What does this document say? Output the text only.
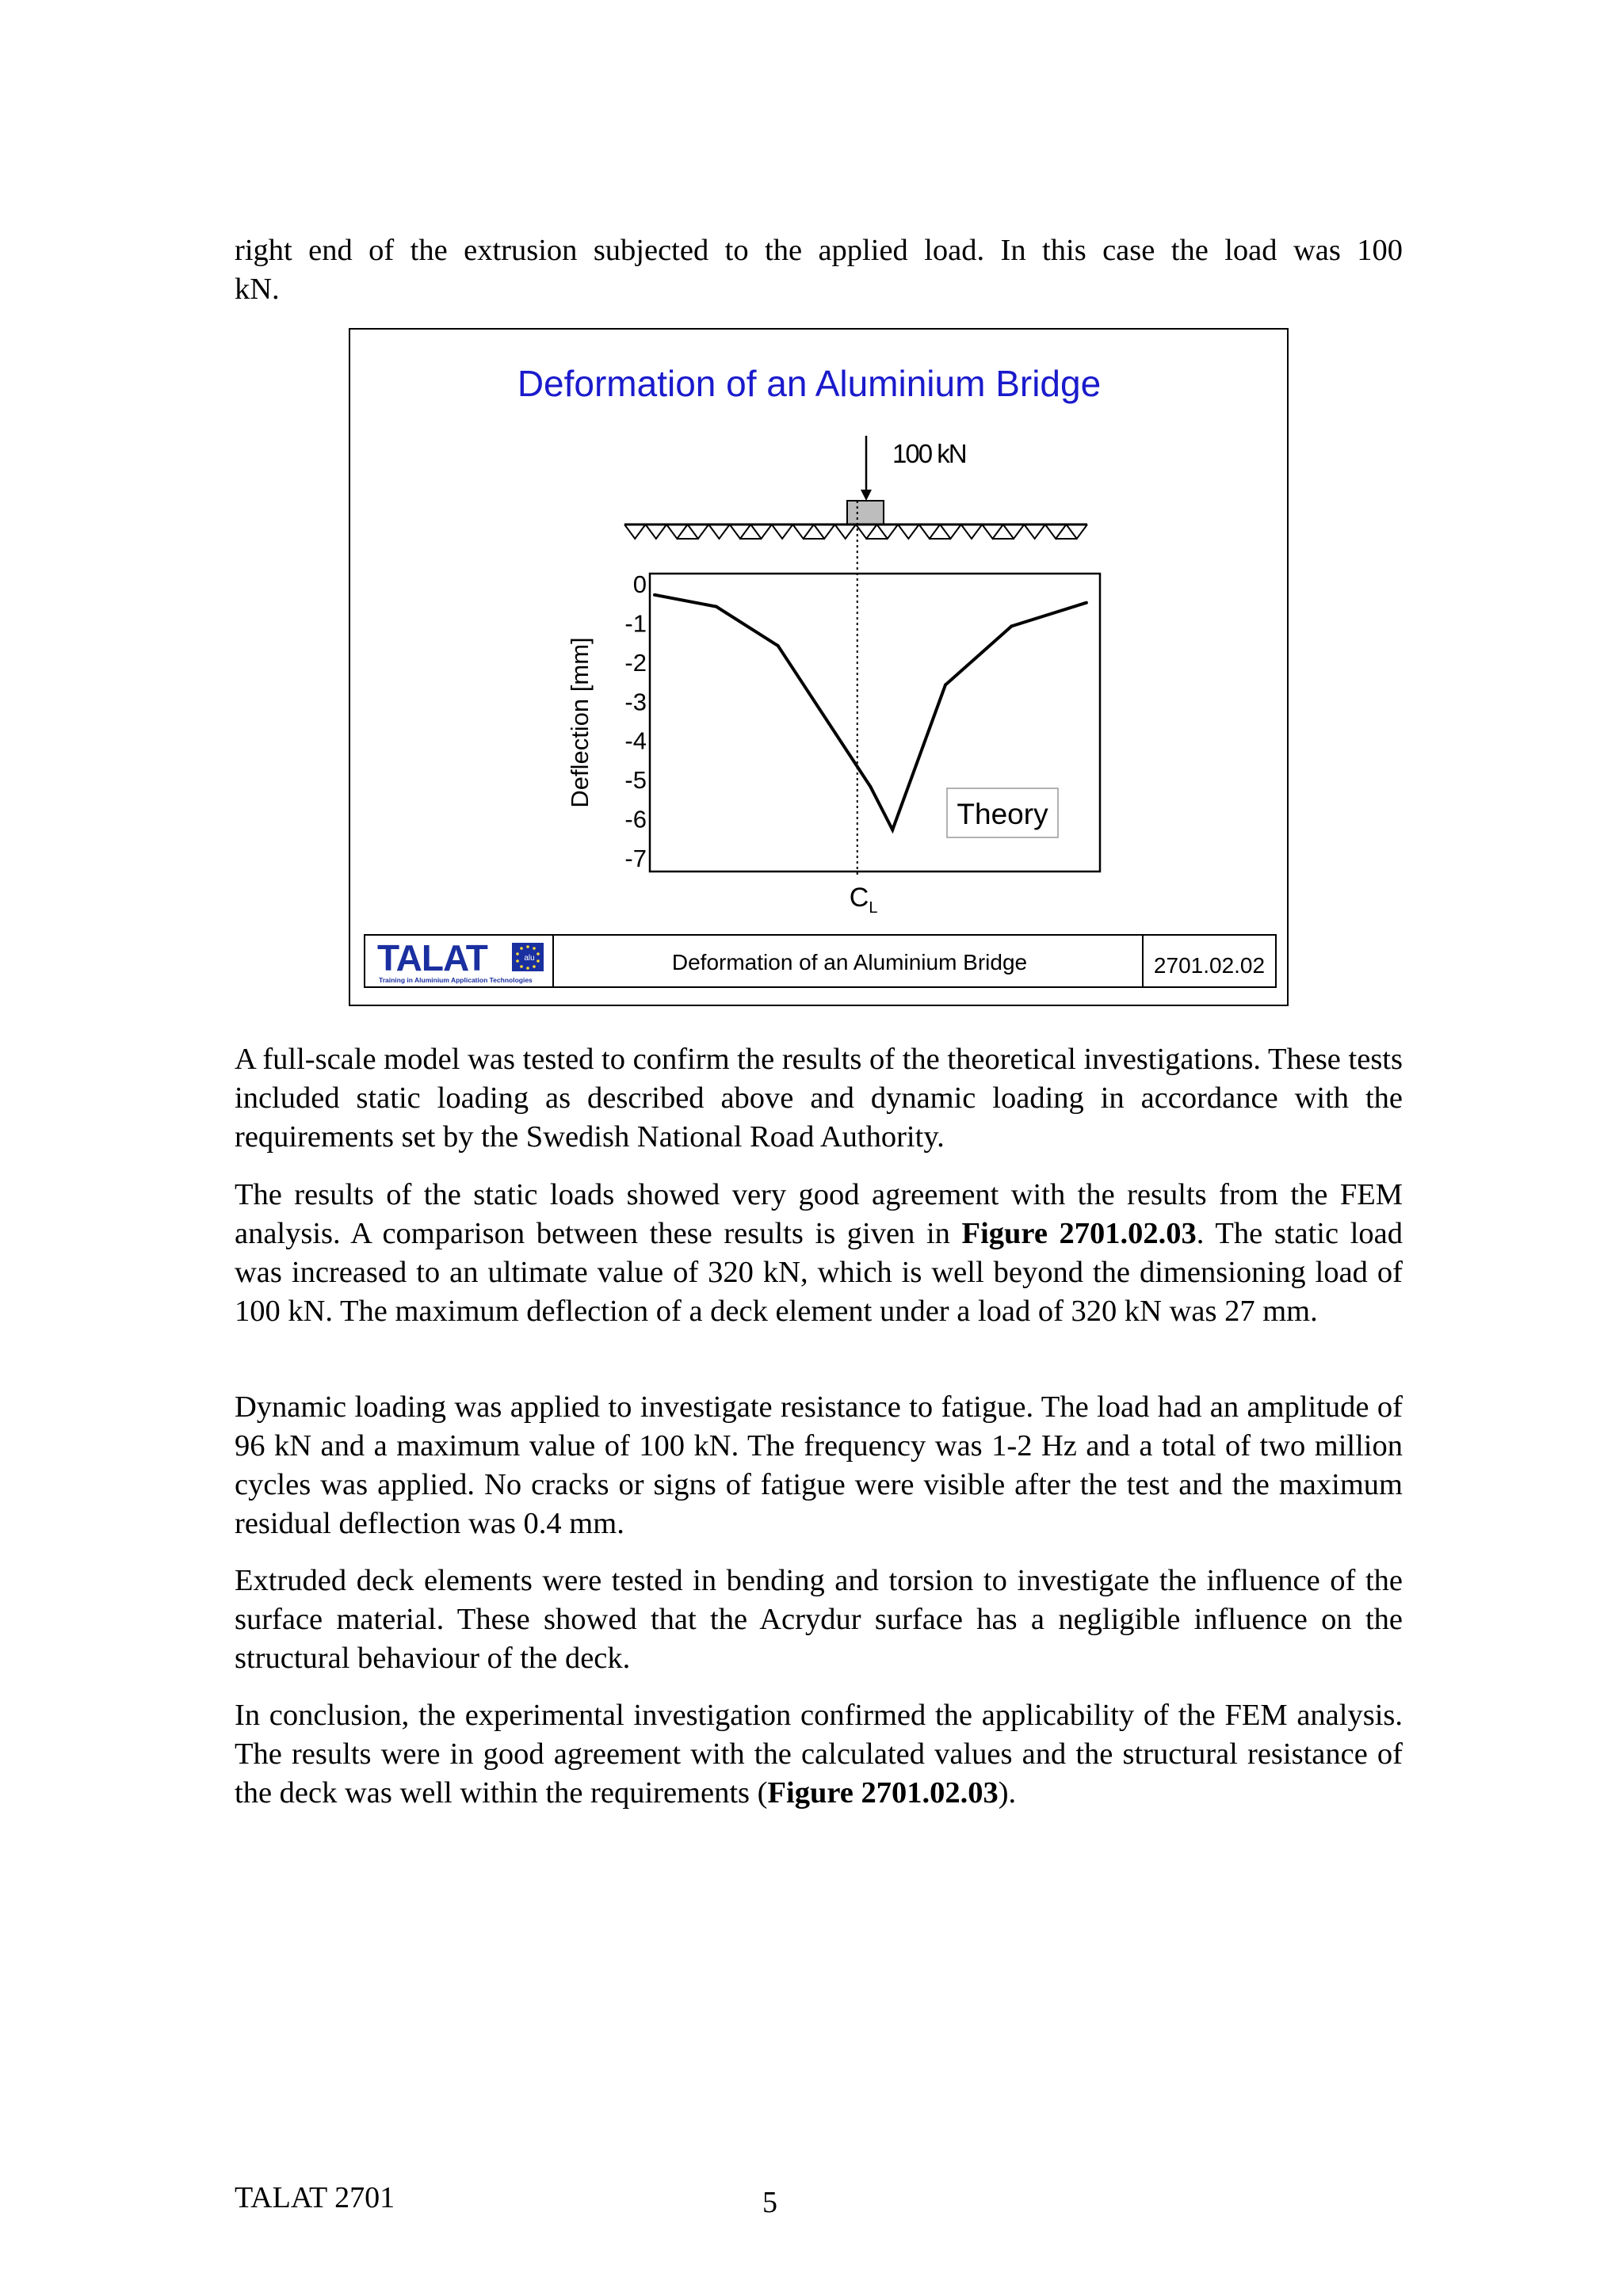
right end of the extrusion subjected to the applied load. In this case the load was 100

kN.

Deformation of an Aluminium Bridge
100 kN
0
-1
-2
-3
-4
-5
-6
-7
Deflection [mm]
Theory
$C_L$
TALAT	alu
Training in Aluminium Application Technologies
Deformation of an Aluminium Bridge	2701.02.02

A full-scale model was tested to confirm the results of the theoretical investigations. These tests included static loading as described above and dynamic loading in accordance with the requirements set by the Swedish National Road Authority.

The results of the static loads showed very good agreement with the results from the FEM analysis. A comparison between these results is given in Figure 2701.02.03. The static load was increased to an ultimate value of 320 kN, which is well beyond the dimensioning load of 100 kN. The maximum deflection of a deck element under a load of 320 kN was 27 mm.

Dynamic loading was applied to investigate resistance to fatigue. The load had an amplitude of 96 kN and a maximum value of 100 kN. The frequency was 1-2 Hz and a total of two million cycles was applied. No cracks or signs of fatigue were visible after the test and the maximum residual deflection was 0.4 mm.

Extruded deck elements were tested in bending and torsion to investigate the influence of the surface material. These showed that the Acrydur surface has a negligible influence on the structural behaviour of the deck.

In conclusion, the experimental investigation confirmed the applicability of the FEM analysis. The results were in good agreement with the calculated values and the structural resistance of the deck was well within the requirements (Figure 2701.02.03).

TALAT 2701	5
